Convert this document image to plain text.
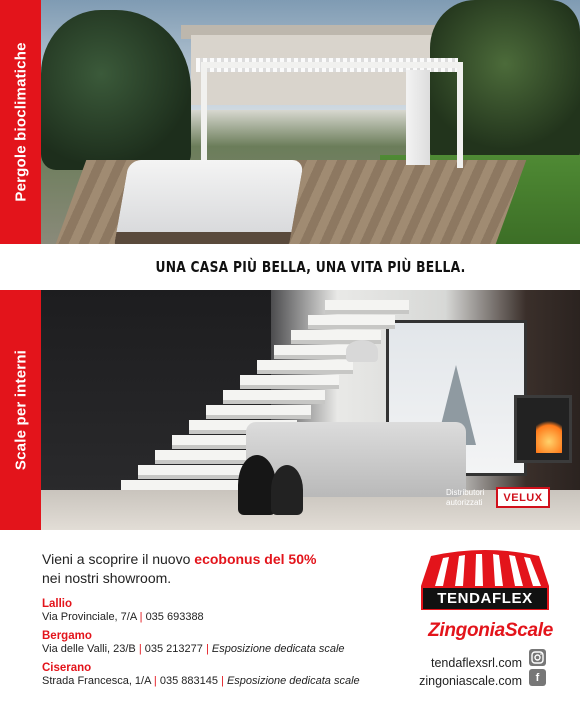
Pergole bioclimatiche
Scale per interni
UNA CASA PIÙ BELLA, UNA VITA PIÙ BELLA.
Distributori
autorizzati	VELUX
Vieni a scoprire il nuovo ecobonus del 50%
nei nostri showroom.
Lallio
Via Provinciale, 7/A | 035 693388
Bergamo
Via delle Valli, 23/B | 035 213277 | Esposizione dedicata scale
Ciserano
Strada Francesca, 1/A | 035 883145 | Esposizione dedicata scale
TENDAFLEX
ZingoniaScale
tendaflexsrl.com
zingoniascale.com	f
